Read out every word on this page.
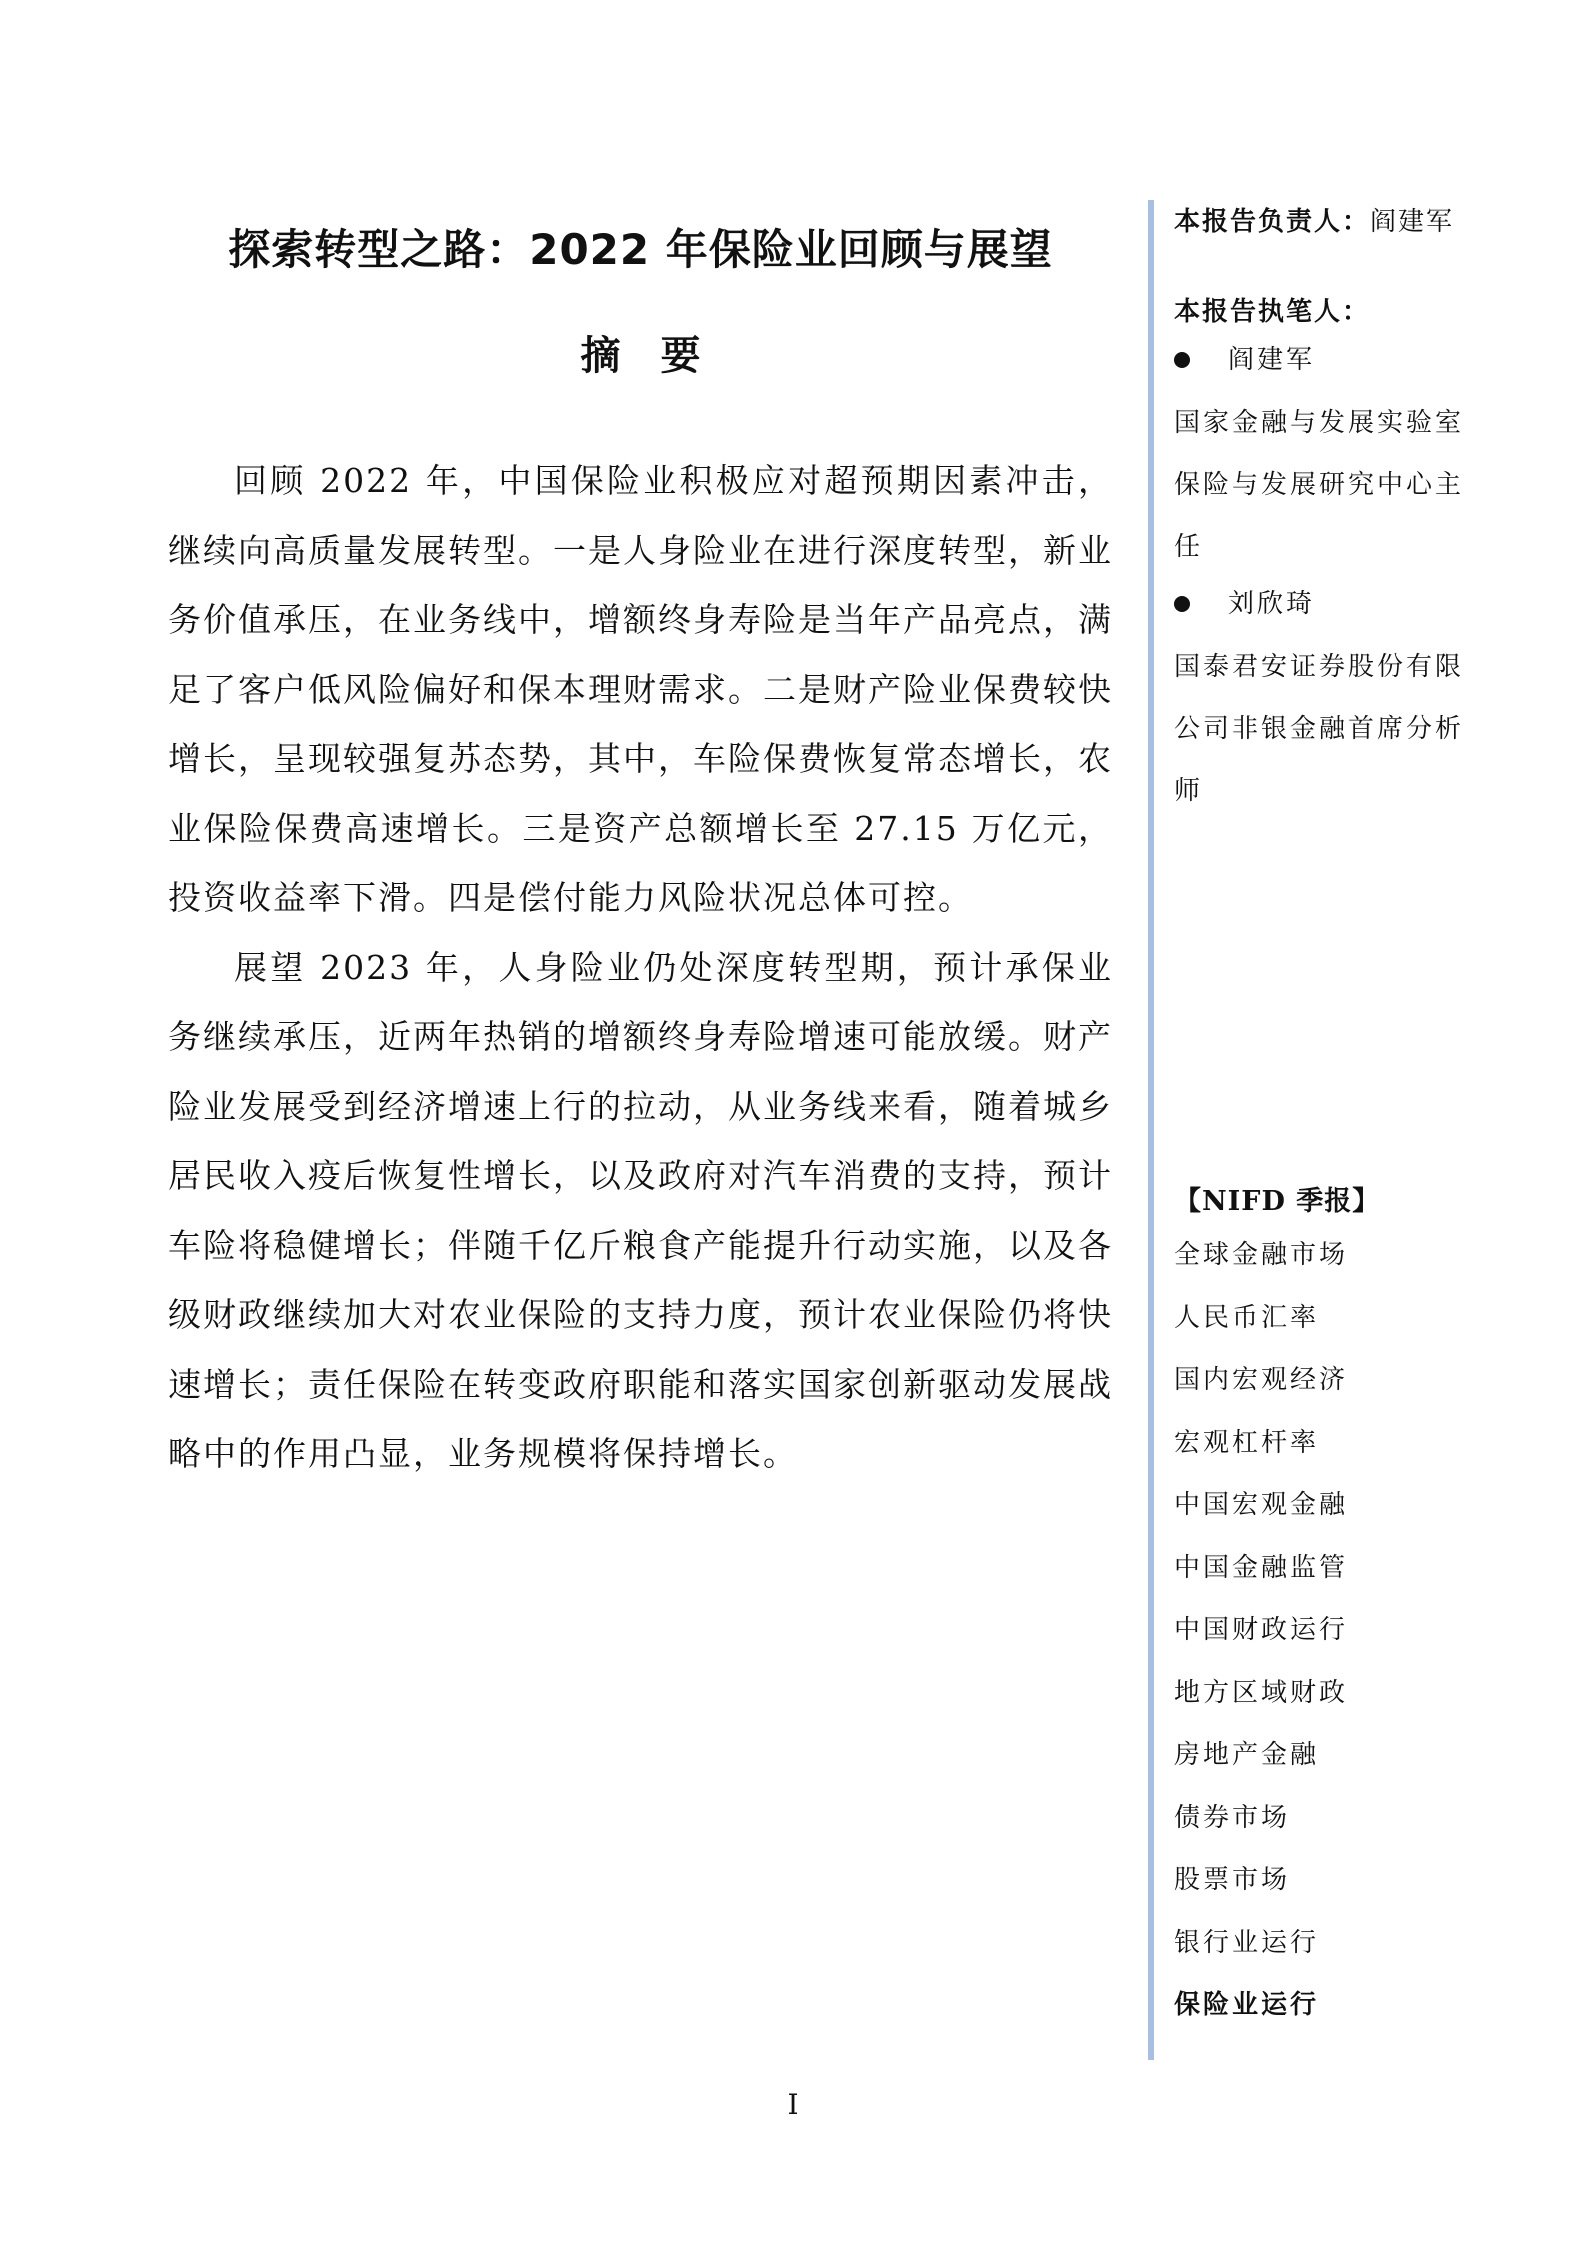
探索转型之路：2022 年保险业回顾与展望
摘要

回顾 2022 年，中国保险业积极应对超预期因素冲击，继续向高质量发展转型。一是人身险业在进行深度转型，新业务价值承压，在业务线中，增额终身寿险是当年产品亮点，满足了客户低风险偏好和保本理财需求。二是财产险业保费较快增长，呈现较强复苏态势，其中，车险保费恢复常态增长，农业保险保费高速增长。三是资产总额增长至 27.15 万亿元，投资收益率下滑。四是偿付能力风险状况总体可控。

展望 2023 年，人身险业仍处深度转型期，预计承保业务继续承压，近两年热销的增额终身寿险增速可能放缓。财产险业发展受到经济增速上行的拉动，从业务线来看，随着城乡居民收入疫后恢复性增长，以及政府对汽车消费的支持，预计车险将稳健增长；伴随千亿斤粮食产能提升行动实施，以及各级财政继续加大对农业保险的支持力度，预计农业保险仍将快速增长；责任保险在转变政府职能和落实国家创新驱动发展战略中的作用凸显，业务规模将保持增长。

本报告负责人：阎建军

本报告执笔人：

阎建军

国家金融与发展实验室

保险与发展研究中心主

任

刘欣琦

国泰君安证券股份有限

公司非银金融首席分析

师

【NIFD 季报】

全球金融市场

人民币汇率

国内宏观经济

宏观杠杆率

中国宏观金融

中国金融监管

中国财政运行

地方区域财政

房地产金融

债券市场

股票市场

银行业运行

保险业运行

I
